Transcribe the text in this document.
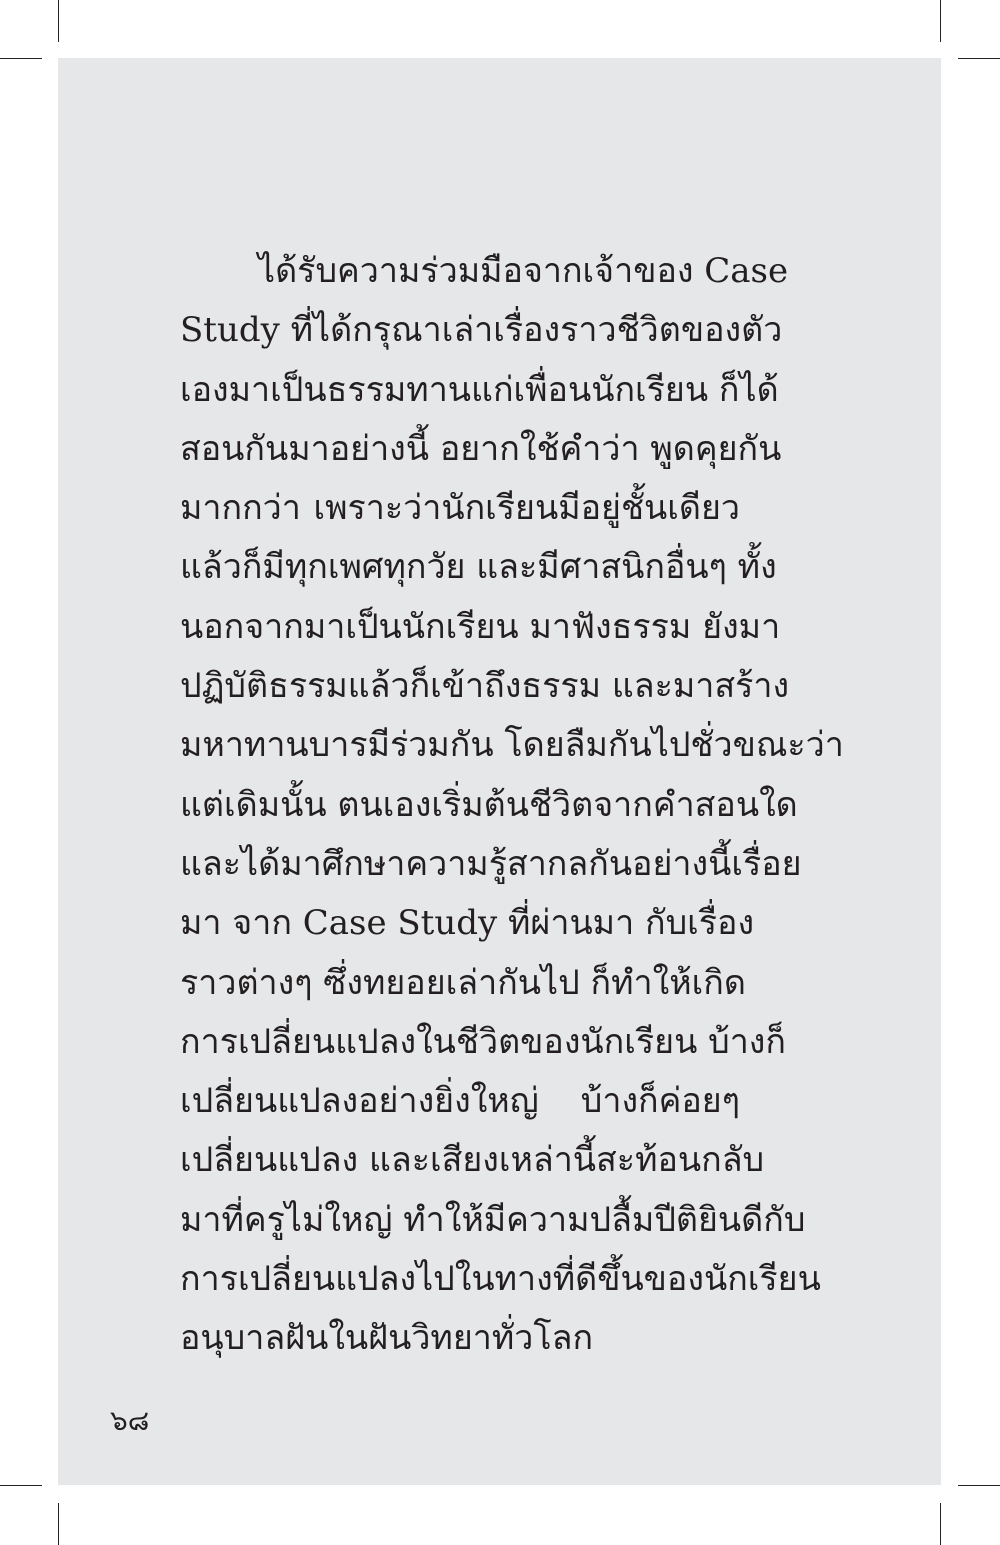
ได้รับความร่วมมือจากเจ้าของ Case
Study ที่ได้กรุณาเล่าเรื่องราวชีวิตของตัว
เองมาเป็นธรรมทานแก่เพื่อนนักเรียน ก็ได้
สอนกันมาอย่างนี้ อยากใช้คำว่า พูดคุยกัน
มากกว่า เพราะว่านักเรียนมีอยู่ชั้นเดียว
แล้วก็มีทุกเพศทุกวัย และมีศาสนิกอื่นๆ ทั้ง
นอกจากมาเป็นนักเรียน มาฟังธรรม ยังมา
ปฏิบัติธรรมแล้วก็เข้าถึงธรรม และมาสร้าง
มหาทานบารมีร่วมกัน โดยลืมกันไปชั่วขณะว่า
แต่เดิมนั้น ตนเองเริ่มต้นชีวิตจากคำสอนใด
และได้มาศึกษาความรู้สากลกันอย่างนี้เรื่อย
มา จาก Case Study ที่ผ่านมา กับเรื่อง
ราวต่างๆ ซึ่งทยอยเล่ากันไป ก็ทำให้เกิด
การเปลี่ยนแปลงในชีวิตของนักเรียน บ้างก็
เปลี่ยนแปลงอย่างยิ่งใหญ่ บ้างก็ค่อยๆ
เปลี่ยนแปลง และเสียงเหล่านี้สะท้อนกลับ
มาที่ครูไม่ใหญ่ ทำให้มีความปลื้มปีติยินดีกับ
การเปลี่ยนแปลงไปในทางที่ดีขึ้นของนักเรียน
อนุบาลฝันในฝันวิทยาทั่วโลก

๖๘
